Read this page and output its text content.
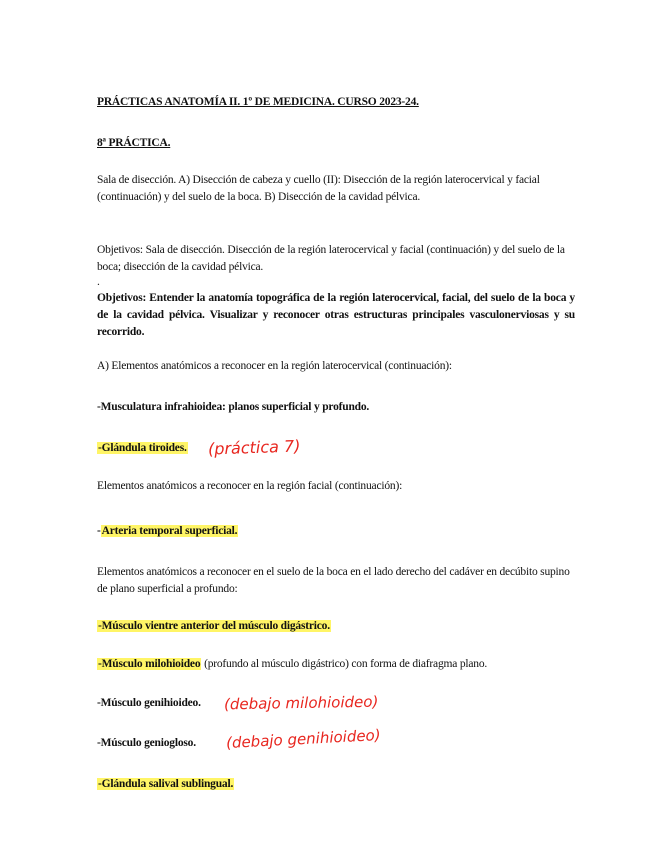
PRÁCTICAS ANATOMÍA II. 1º DE MEDICINA. CURSO 2023-24.
8ª PRÁCTICA.
Sala de disección. A) Disección de cabeza y cuello (II): Disección de la región laterocervical y facial (continuación) y del suelo de la boca. B) Disección de la cavidad pélvica.
Objetivos: Sala de disección. Disección de la región laterocervical y facial (continuación) y del suelo de la boca; disección de la cavidad pélvica.
.
Objetivos: Entender la anatomía topográfica de la región laterocervical, facial, del suelo de la boca y de la cavidad pélvica. Visualizar y reconocer otras estructuras principales vasculonerviosas y su recorrido.
A) Elementos anatómicos a reconocer en la región laterocervical (continuación):
-Musculatura infrahioidea: planos superficial y profundo.
-Glándula tiroides. (práctica 7)
Elementos anatómicos a reconocer en la región facial (continuación):
-Arteria temporal superficial.
Elementos anatómicos a reconocer en el suelo de la boca en el lado derecho del cadáver en decúbito supino de plano superficial a profundo:
-Músculo vientre anterior del músculo digástrico.
-Músculo milohioideo (profundo al músculo digástrico) con forma de diafragma plano.
-Músculo genihioideo. (debajo milohioideo)
-Músculo geniogloso. (debajo genihioideo)
-Glándula salival sublingual.
